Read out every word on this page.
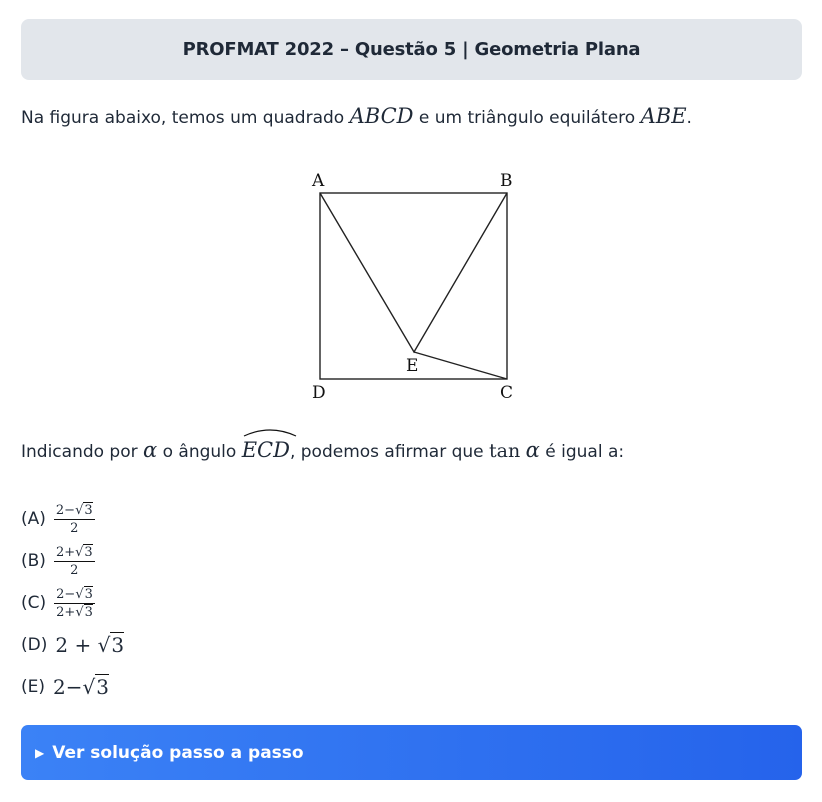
PROFMAT 2022 – Questão 5 | Geometria Plana

Na figura abaixo, temos um quadrado ABCD e um triângulo equilátero ABE.

A	B
E
D	C

Indicando por α o ângulo
ECD, podemos afirmar que tan α é igual a:

$(A) \frac{2-√3}{2}$
$(B) \frac{2+√3}{2}$
$(C) \frac{2-√3}{2+√3}$
(D) 2 + √3
(E) 2−√3
▶ Ver solução passo a passo
